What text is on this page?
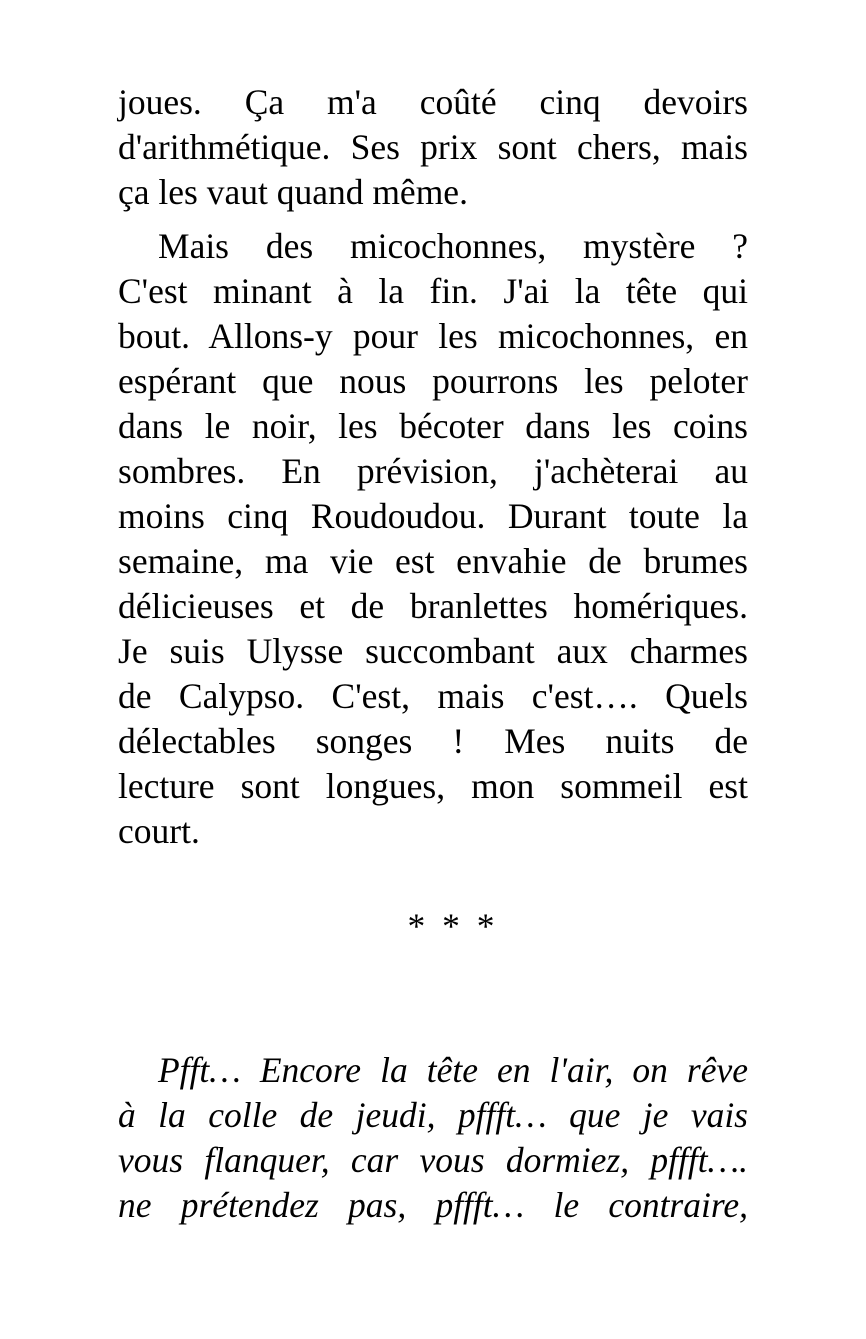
joues. Ça m'a coûté cinq devoirs
d'arithmétique. Ses prix sont chers, mais
ça les vaut quand même.

Mais des micochonnes, mystère ?
C'est minant à la fin. J'ai la tête qui
bout. Allons-y pour les micochonnes, en
espérant que nous pourrons les peloter
dans le noir, les bécoter dans les coins
sombres. En prévision, j'achèterai au
moins cinq Roudoudou. Durant toute la
semaine, ma vie est envahie de brumes
délicieuses et de branlettes homériques.
Je suis Ulysse succombant aux charmes
de Calypso. C'est, mais c'est…. Quels
délectables songes ! Mes nuits de
lecture sont longues, mon sommeil est
court.

* * *

Pfft… Encore la tête en l'air, on rêve
à la colle de jeudi, pffft… que je vais
vous flanquer, car vous dormiez, pffft….
ne prétendez pas, pffft… le contraire,
